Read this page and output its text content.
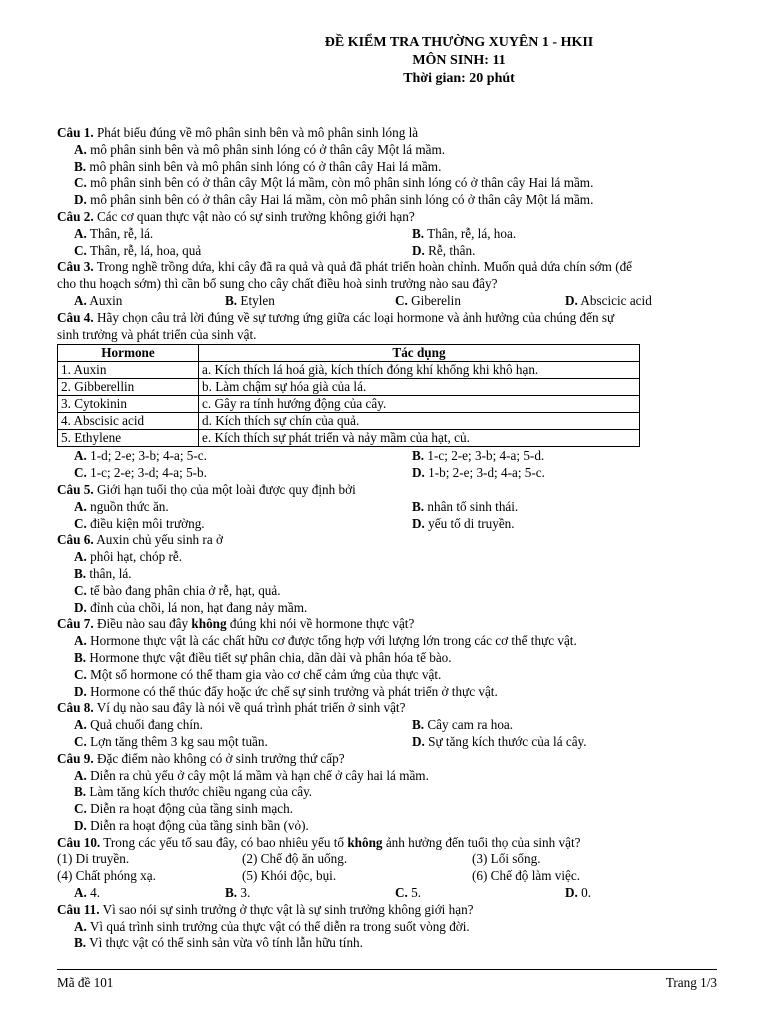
ĐỀ KIỂM TRA THƯỜNG XUYÊN 1 - HKII
MÔN SINH: 11
Thời gian: 20 phút
Câu 1. Phát biểu đúng về mô phân sinh bên và mô phân sinh lóng là
A. mô phân sinh bên và mô phân sinh lóng có ở thân cây Một lá mầm.
B. mô phân sinh bên và mô phân sinh lóng có ở thân cây Hai lá mầm.
C. mô phân sinh bên có ở thân cây Một lá mầm, còn mô phân sinh lóng có ở thân cây Hai lá mầm.
D. mô phân sinh bên có ở thân cây Hai lá mầm, còn mô phân sinh lóng có ở thân cây Một lá mầm.
Câu 2. Các cơ quan thực vật nào có sự sinh trưởng không giới hạn?
A. Thân, rễ, lá.	B. Thân, rễ, lá, hoa.
C. Thân, rễ, lá, hoa, quả	D. Rễ, thân.
Câu 3. Trong nghề trồng dứa, khi cây đã ra quả và quả đã phát triển hoàn chỉnh. Muốn quả dứa chín sớm (để
cho thu hoạch sớm) thì cần bổ sung cho cây chất điều hoà sinh trưởng nào sau đây?
A. Auxin	B. Etylen	C. Giberelin	D. Abscicic acid
Câu 4. Hãy chọn câu trả lời đúng về sự tương ứng giữa các loại hormone và ảnh hưởng của chúng đến sự
sinh trưởng và phát triển của sinh vật.
Hormone	Tác dụng
1. Auxin	a. Kích thích lá hoá già, kích thích đóng khí khổng khi khô hạn.
2. Gibberellin	b. Làm chậm sự hóa già của lá.
3. Cytokinin	c. Gây ra tính hướng động của cây.
4. Abscisic acid	d. Kích thích sự chín của quả.
5. Ethylene	e. Kích thích sự phát triển và nảy mầm của hạt, củ.
A. 1-d; 2-e; 3-b; 4-a; 5-c.	B. 1-c; 2-e; 3-b; 4-a; 5-d.
C. 1-c; 2-e; 3-d; 4-a; 5-b.	D. 1-b; 2-e; 3-d; 4-a; 5-c.
Câu 5. Giới hạn tuổi thọ của một loài được quy định bởi
A. nguồn thức ăn.	B. nhân tố sinh thái.
C. điều kiện môi trường.	D. yếu tố di truyền.
Câu 6. Auxin chủ yếu sinh ra ở
A. phôi hạt, chóp rễ.
B. thân, lá.
C. tế bào đang phân chia ở rễ, hạt, quả.
D. đỉnh của chồi, lá non, hạt đang nảy mầm.
Câu 7. Điều nào sau đây không đúng khi nói về hormone thực vật?
A. Hormone thực vật là các chất hữu cơ được tổng hợp với lượng lớn trong các cơ thể thực vật.
B. Hormone thực vật điều tiết sự phân chia, dãn dài và phân hóa tế bào.
C. Một số hormone có thể tham gia vào cơ chế cảm ứng của thực vật.
D. Hormone có thể thúc đẩy hoặc ức chế sự sinh trưởng và phát triển ở thực vật.
Câu 8. Ví dụ nào sau đây là nói về quá trình phát triển ở sinh vật?
A. Quả chuối đang chín.	B. Cây cam ra hoa.
C. Lợn tăng thêm 3 kg sau một tuần.	D. Sự tăng kích thước của lá cây.
Câu 9. Đặc điểm nào không có ở sinh trưởng thứ cấp?
A. Diễn ra chủ yếu ở cây một lá mầm và hạn chế ở cây hai lá mầm.
B. Làm tăng kích thước chiều ngang của cây.
C. Diễn ra hoạt động của tầng sinh mạch.
D. Diễn ra hoạt động của tầng sinh bần (vỏ).
Câu 10. Trong các yếu tố sau đây, có bao nhiêu yếu tố không ảnh hưởng đến tuổi thọ của sinh vật?
(1) Di truyền.	(2) Chế độ ăn uống.	(3) Lối sống.
(4) Chất phóng xạ.	(5) Khói độc, bụi.	(6) Chế độ làm việc.
A. 4.	B. 3.	C. 5.	D. 0.
Câu 11. Vì sao nói sự sinh trưởng ở thực vật là sự sinh trưởng không giới hạn?
A. Vì quá trình sinh trưởng của thực vật có thể diễn ra trong suốt vòng đời.
B. Vì thực vật có thể sinh sản vừa vô tính lẫn hữu tính.
Mã đề 101	Trang 1/3
